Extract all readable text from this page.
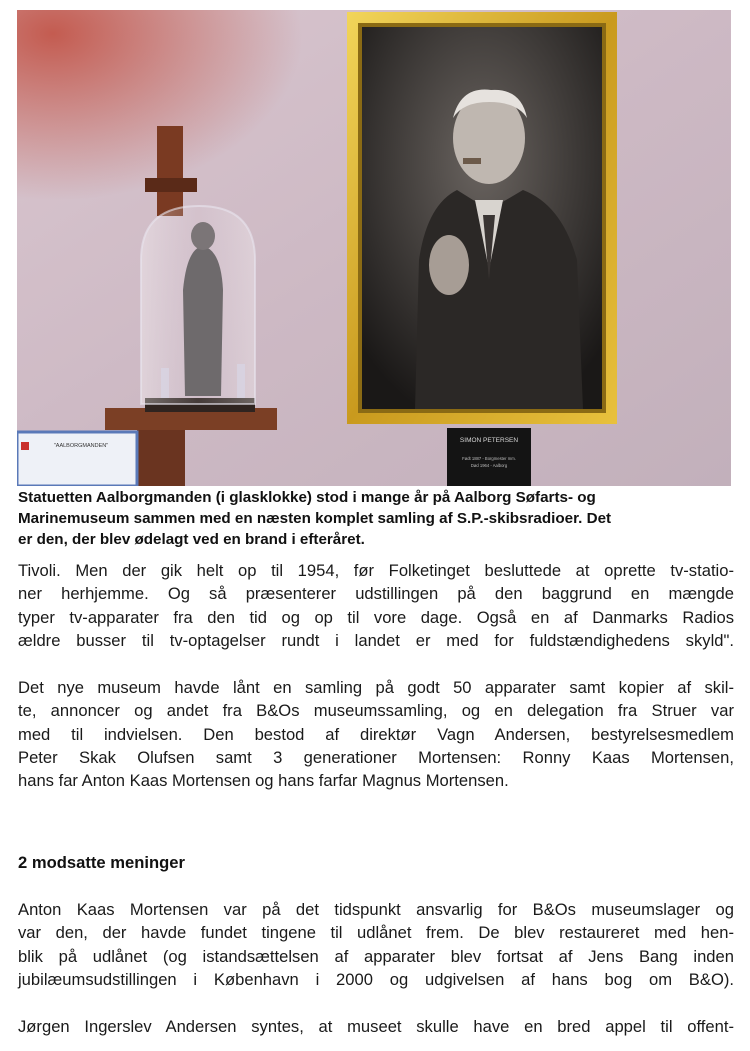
SIMON PETERSEN
Født 1887 - Borgmester mm.
Død 1964 - Aalborg
"AALBORGMANDEN"
Statuetten Aalborgmanden (i glasklokke) stod i mange år på Aalborg Søfarts- og
Marinemuseum sammen med en næsten komplet samling af S.P.-skibsradioer. Det
er den, der blev ødelagt ved en brand i efteråret.
Tivoli. Men der gik helt op til 1954, før Folketinget besluttede at oprette tv-statio-
ner herhjemme. Og så præsenterer udstillingen på den baggrund en mængde
typer tv-apparater fra den tid og op til vore dage. Også en af Danmarks Radios
ældre busser til tv-optagelser rundt i landet er med for fuldstændighedens skyld".
Det nye museum havde lånt en samling på godt 50 apparater samt kopier af skil-
te, annoncer og andet fra B&Os museumssamling, og en delegation fra Struer var
med til indvielsen. Den bestod af direktør Vagn Andersen, bestyrelsesmedlem
Peter Skak Olufsen samt 3 generationer Mortensen: Ronny Kaas Mortensen,
hans far Anton Kaas Mortensen og hans farfar Magnus Mortensen.
2 modsatte meninger
Anton Kaas Mortensen var på det tidspunkt ansvarlig for B&Os museumslager og
var den, der havde fundet tingene til udlånet frem. De blev restaureret med hen-
blik på udlånet (og istandsættelsen af apparater blev fortsat af Jens Bang inden
jubilæumsudstillingen i København i 2000 og udgivelsen af hans bog om B&O).
Jørgen Ingerslev Andersen syntes, at museet skulle have en bred appel til offent-
